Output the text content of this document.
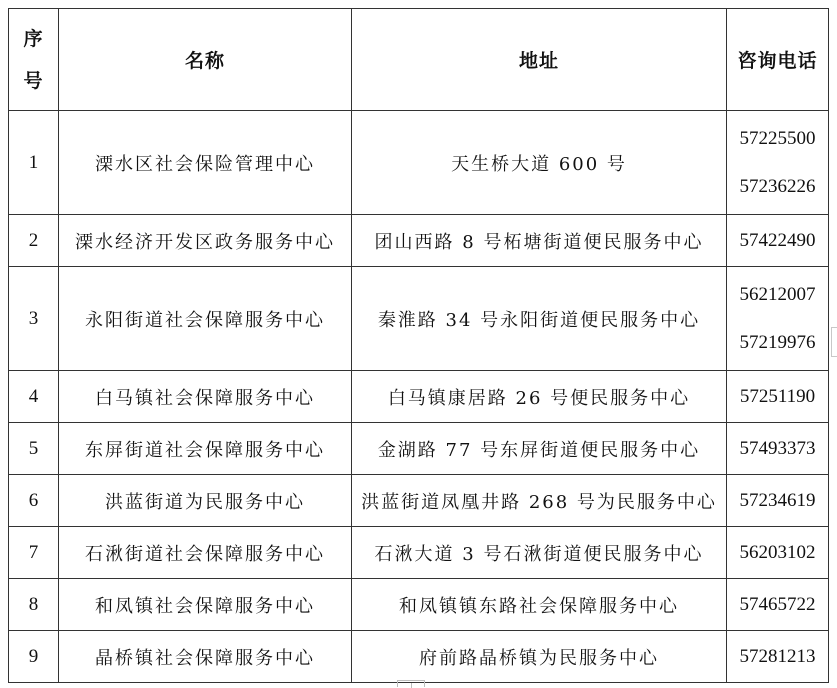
序
号	名称	地址	咨询电话
1	溧水区社会保险管理中心	天生桥大道 600 号	57225500
57236226

2	溧水经济开发区政务服务中心	团山西路 8 号柘塘街道便民服务中心	57422490

3	永阳街道社会保障服务中心	秦淮路 34 号永阳街道便民服务中心	56212007
57219976

4	白马镇社会保障服务中心	白马镇康居路 26 号便民服务中心	57251190

5	东屏街道社会保障服务中心	金湖路 77 号东屏街道便民服务中心	57493373

6	洪蓝街道为民服务中心	洪蓝街道凤凰井路 268 号为民服务中心	57234619

7	石湫街道社会保障服务中心	石湫大道 3 号石湫街道便民服务中心	56203102

8	和凤镇社会保障服务中心	和凤镇镇东路社会保障服务中心	57465722

9	晶桥镇社会保障服务中心	府前路晶桥镇为民服务中心	57281213
